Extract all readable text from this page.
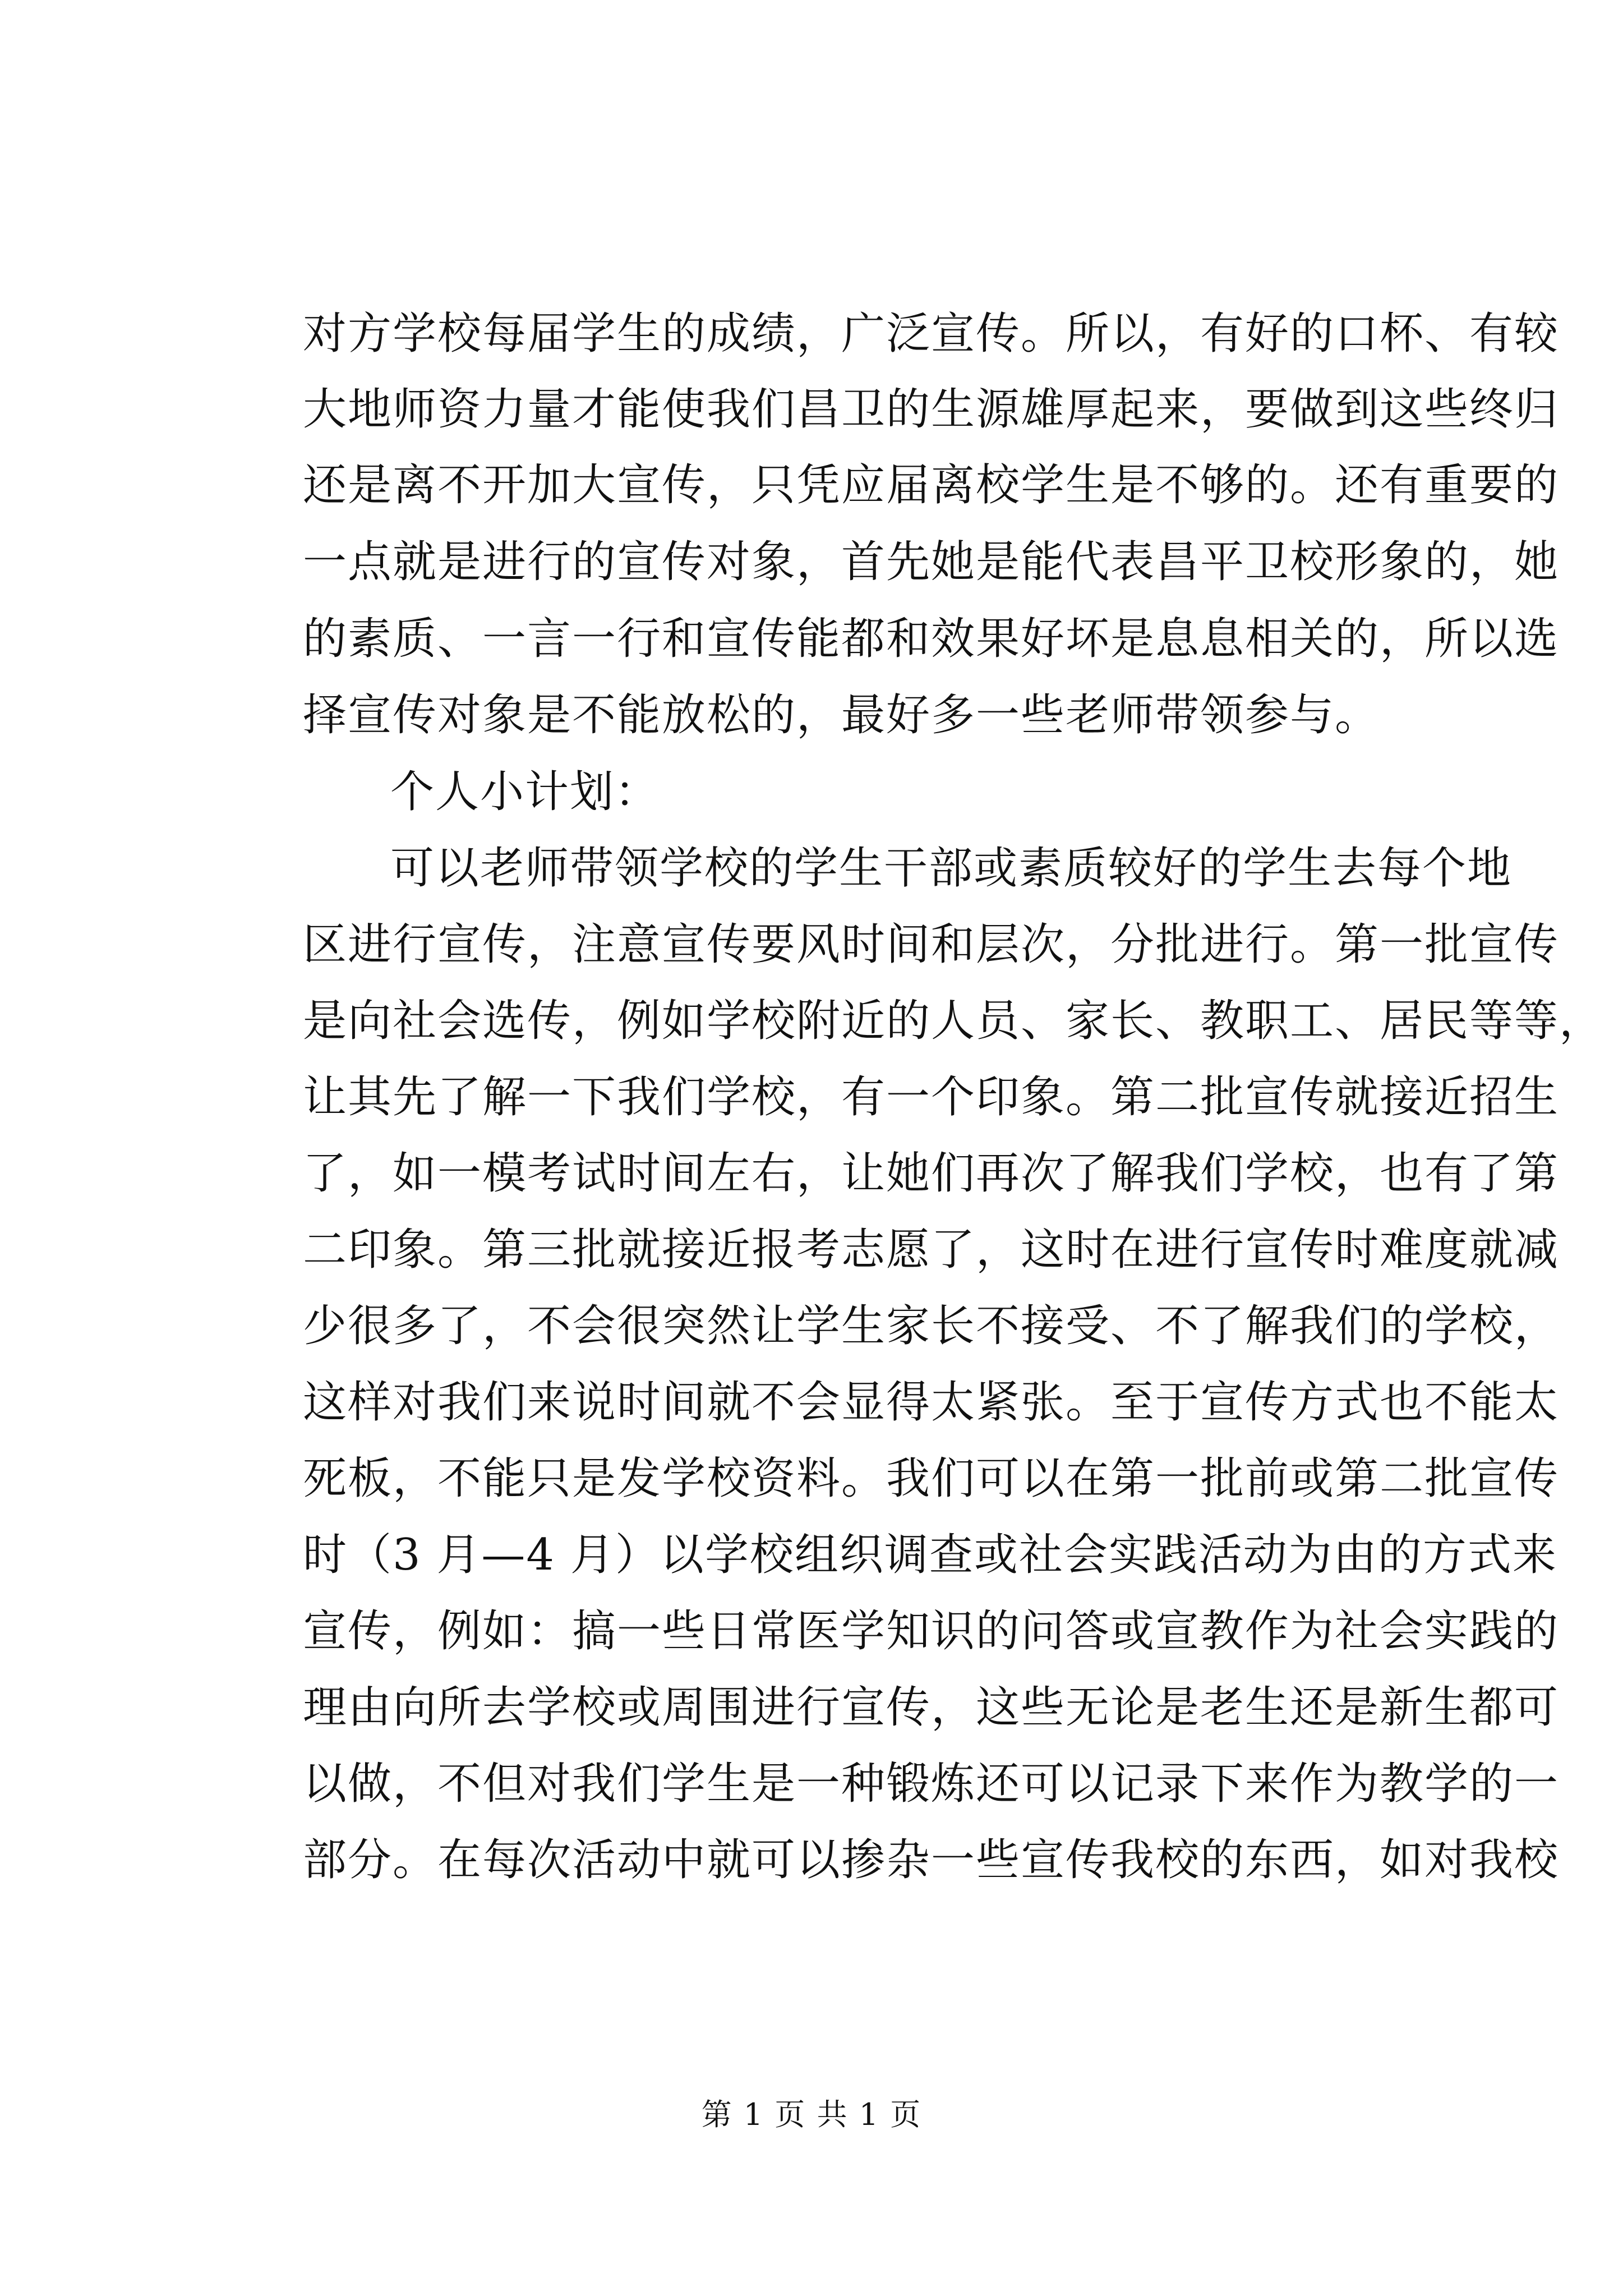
对方学校每届学生的成绩，广泛宣传。所以，有好的口杯、有较
大地师资力量才能使我们昌卫的生源雄厚起来，要做到这些终归
还是离不开加大宣传，只凭应届离校学生是不够的。还有重要的
一点就是进行的宣传对象，首先她是能代表昌平卫校形象的，她
的素质、一言一行和宣传能都和效果好坏是息息相关的，所以选
择宣传对象是不能放松的，最好多一些老师带领参与。
个人小计划：
可以老师带领学校的学生干部或素质较好的学生去每个地
区进行宣传，注意宣传要风时间和层次，分批进行。第一批宣传
是向社会选传，例如学校附近的人员、家长、教职工、居民等等，
让其先了解一下我们学校，有一个印象。第二批宣传就接近招生
了，如一模考试时间左右，让她们再次了解我们学校，也有了第
二印象。第三批就接近报考志愿了，这时在进行宣传时难度就减
少很多了，不会很突然让学生家长不接受、不了解我们的学校，
这样对我们来说时间就不会显得太紧张。至于宣传方式也不能太
死板，不能只是发学校资料。我们可以在第一批前或第二批宣传
时（3 月—4 月）以学校组织调查或社会实践活动为由的方式来
宣传，例如：搞一些日常医学知识的问答或宣教作为社会实践的
理由向所去学校或周围进行宣传，这些无论是老生还是新生都可
以做，不但对我们学生是一种锻炼还可以记录下来作为教学的一
部分。在每次活动中就可以掺杂一些宣传我校的东西，如对我校
第 1 页 共 1 页
